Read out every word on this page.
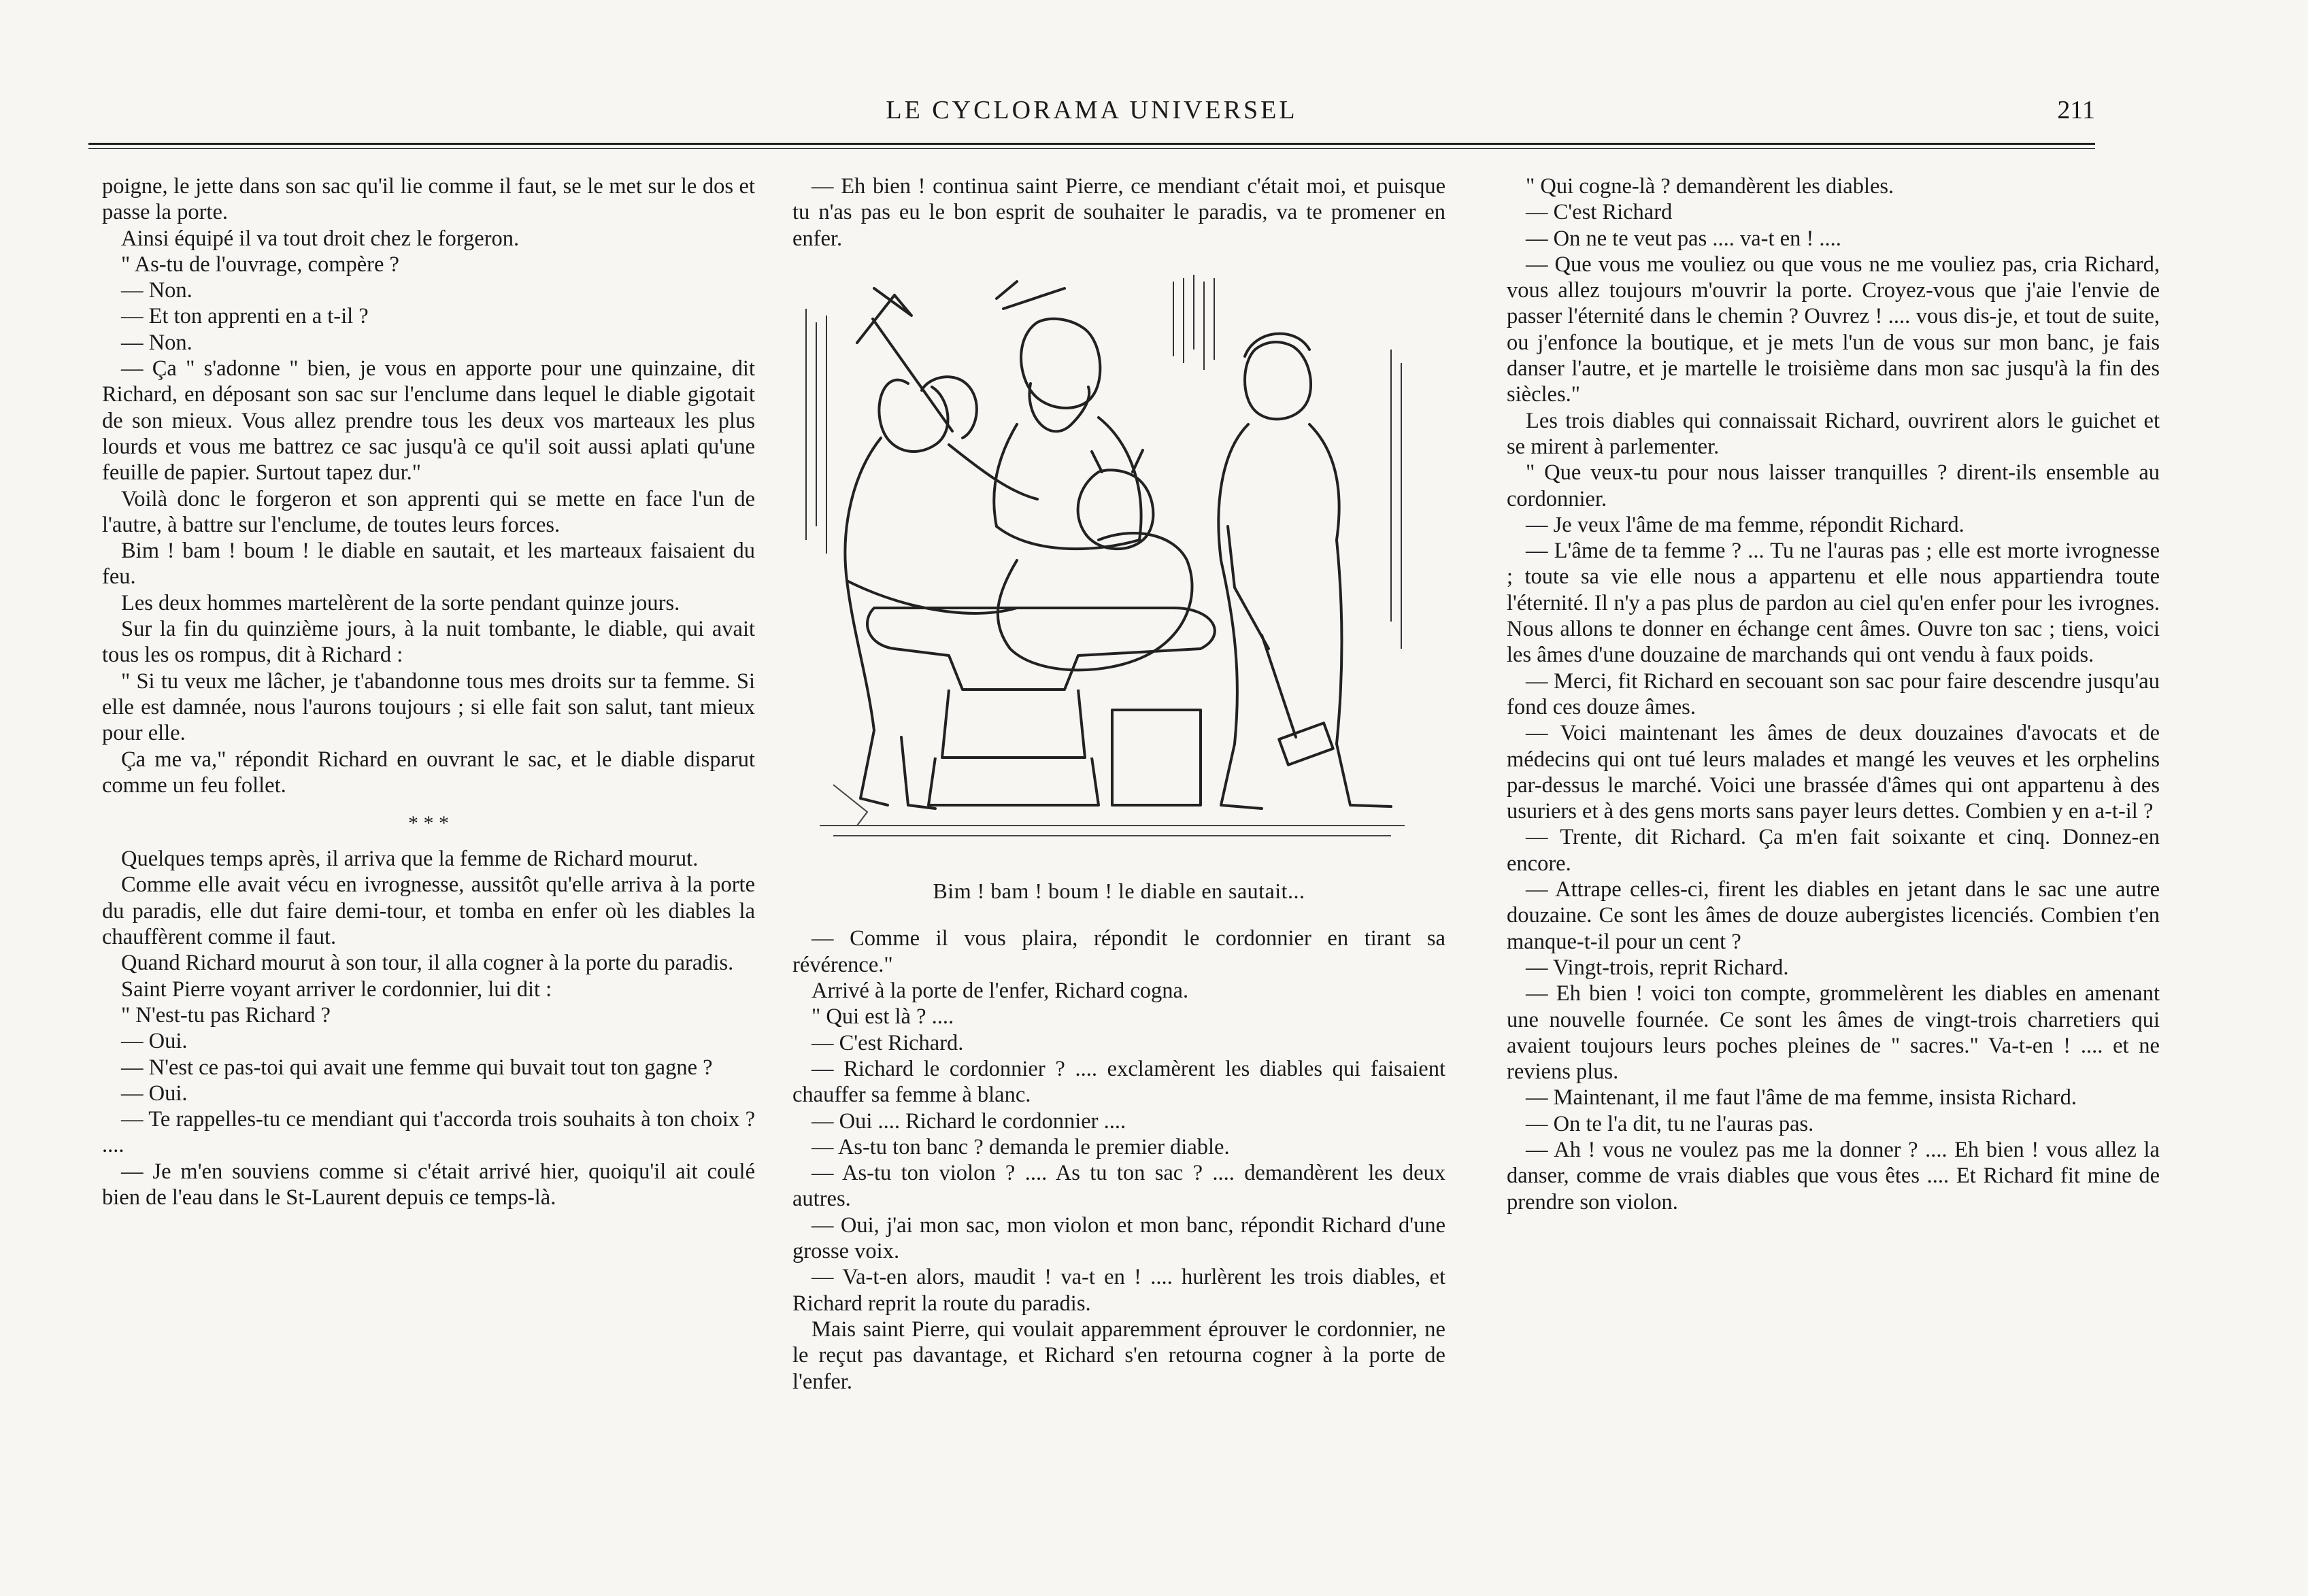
LE CYCLORAMA UNIVERSEL	211

poigne, le jette dans son sac qu'il lie comme il faut, se le met sur le dos et passe la porte.

Ainsi équipé il va tout droit chez le forgeron.

" As-tu de l'ouvrage, compère ?

— Non.

— Et ton apprenti en a t-il ?

— Non.

— Ça " s'adonne " bien, je vous en apporte pour une quinzaine, dit Richard, en déposant son sac sur l'enclume dans lequel le diable gigotait de son mieux. Vous allez prendre tous les deux vos marteaux les plus lourds et vous me battrez ce sac jusqu'à ce qu'il soit aussi aplati qu'une feuille de papier. Surtout tapez dur."

Voilà donc le forgeron et son apprenti qui se mette en face l'un de l'autre, à battre sur l'enclume, de toutes leurs forces.

Bim ! bam ! boum ! le diable en sautait, et les marteaux faisaient du feu.

Les deux hommes martelèrent de la sorte pendant quinze jours.

Sur la fin du quinzième jours, à la nuit tombante, le diable, qui avait tous les os rompus, dit à Richard :

" Si tu veux me lâcher, je t'abandonne tous mes droits sur ta femme. Si elle est damnée, nous l'aurons toujours ; si elle fait son salut, tant mieux pour elle.

Ça me va," répondit Richard en ouvrant le sac, et le diable disparut comme un feu follet.

* * *

Quelques temps après, il arriva que la femme de Richard mourut.

Comme elle avait vécu en ivrognesse, aussitôt qu'elle arriva à la porte du paradis, elle dut faire demi-tour, et tomba en enfer où les diables la chauffèrent comme il faut.

Quand Richard mourut à son tour, il alla cogner à la porte du paradis.

Saint Pierre voyant arriver le cordonnier, lui dit :

" N'est-tu pas Richard ?

— Oui.

— N'est ce pas-toi qui avait une femme qui buvait tout ton gagne ?

— Oui.

— Te rappelles-tu ce mendiant qui t'accorda trois souhaits à ton choix ? ....

— Je m'en souviens comme si c'était arrivé hier, quoiqu'il ait coulé bien de l'eau dans le St-Laurent depuis ce temps-là.

— Eh bien ! continua saint Pierre, ce mendiant c'était moi, et puisque tu n'as pas eu le bon esprit de souhaiter le paradis, va te promener en enfer.

Bim ! bam ! boum ! le diable en sautait...

— Comme il vous plaira, répondit le cordonnier en tirant sa révérence."

Arrivé à la porte de l'enfer, Richard cogna.

" Qui est là ? ....

— C'est Richard.

— Richard le cordonnier ? .... exclamèrent les diables qui faisaient chauffer sa femme à blanc.

— Oui .... Richard le cordonnier ....

— As-tu ton banc ? demanda le premier diable.

— As-tu ton violon ? .... As tu ton sac ? .... demandèrent les deux autres.

— Oui, j'ai mon sac, mon violon et mon banc, répondit Richard d'une grosse voix.

— Va-t-en alors, maudit ! va-t en ! .... hurlèrent les trois diables, et Richard reprit la route du paradis.

Mais saint Pierre, qui voulait apparemment éprouver le cordonnier, ne le reçut pas davantage, et Richard s'en retourna cogner à la porte de l'enfer.

" Qui cogne-là ? demandèrent les diables.

— C'est Richard

— On ne te veut pas .... va-t en ! ....

— Que vous me vouliez ou que vous ne me vouliez pas, cria Richard, vous allez toujours m'ouvrir la porte. Croyez-vous que j'aie l'envie de passer l'éternité dans le chemin ? Ouvrez ! .... vous dis-je, et tout de suite, ou j'enfonce la boutique, et je mets l'un de vous sur mon banc, je fais danser l'autre, et je martelle le troisième dans mon sac jusqu'à la fin des siècles."

Les trois diables qui connaissait Richard, ouvrirent alors le guichet et se mirent à parlementer.

" Que veux-tu pour nous laisser tranquilles ? dirent-ils ensemble au cordonnier.

— Je veux l'âme de ma femme, répondit Richard.

— L'âme de ta femme ? ... Tu ne l'auras pas ; elle est morte ivrognesse ; toute sa vie elle nous a appartenu et elle nous appartiendra toute l'éternité. Il n'y a pas plus de pardon au ciel qu'en enfer pour les ivrognes. Nous allons te donner en échange cent âmes. Ouvre ton sac ; tiens, voici les âmes d'une douzaine de marchands qui ont vendu à faux poids.

— Merci, fit Richard en secouant son sac pour faire descendre jusqu'au fond ces douze âmes.

— Voici maintenant les âmes de deux douzaines d'avocats et de médecins qui ont tué leurs malades et mangé les veuves et les orphelins par-dessus le marché. Voici une brassée d'âmes qui ont appartenu à des usuriers et à des gens morts sans payer leurs dettes. Combien y en a-t-il ?

— Trente, dit Richard. Ça m'en fait soixante et cinq. Donnez-en encore.

— Attrape celles-ci, firent les diables en jetant dans le sac une autre douzaine. Ce sont les âmes de douze aubergistes licenciés. Combien t'en manque-t-il pour un cent ?

— Vingt-trois, reprit Richard.

— Eh bien ! voici ton compte, grommelèrent les diables en amenant une nouvelle fournée. Ce sont les âmes de vingt-trois charretiers qui avaient toujours leurs poches pleines de " sacres." Va-t-en ! .... et ne reviens plus.

— Maintenant, il me faut l'âme de ma femme, insista Richard.

— On te l'a dit, tu ne l'auras pas.

— Ah ! vous ne voulez pas me la donner ? .... Eh bien ! vous allez la danser, comme de vrais diables que vous êtes .... Et Richard fit mine de prendre son violon.
